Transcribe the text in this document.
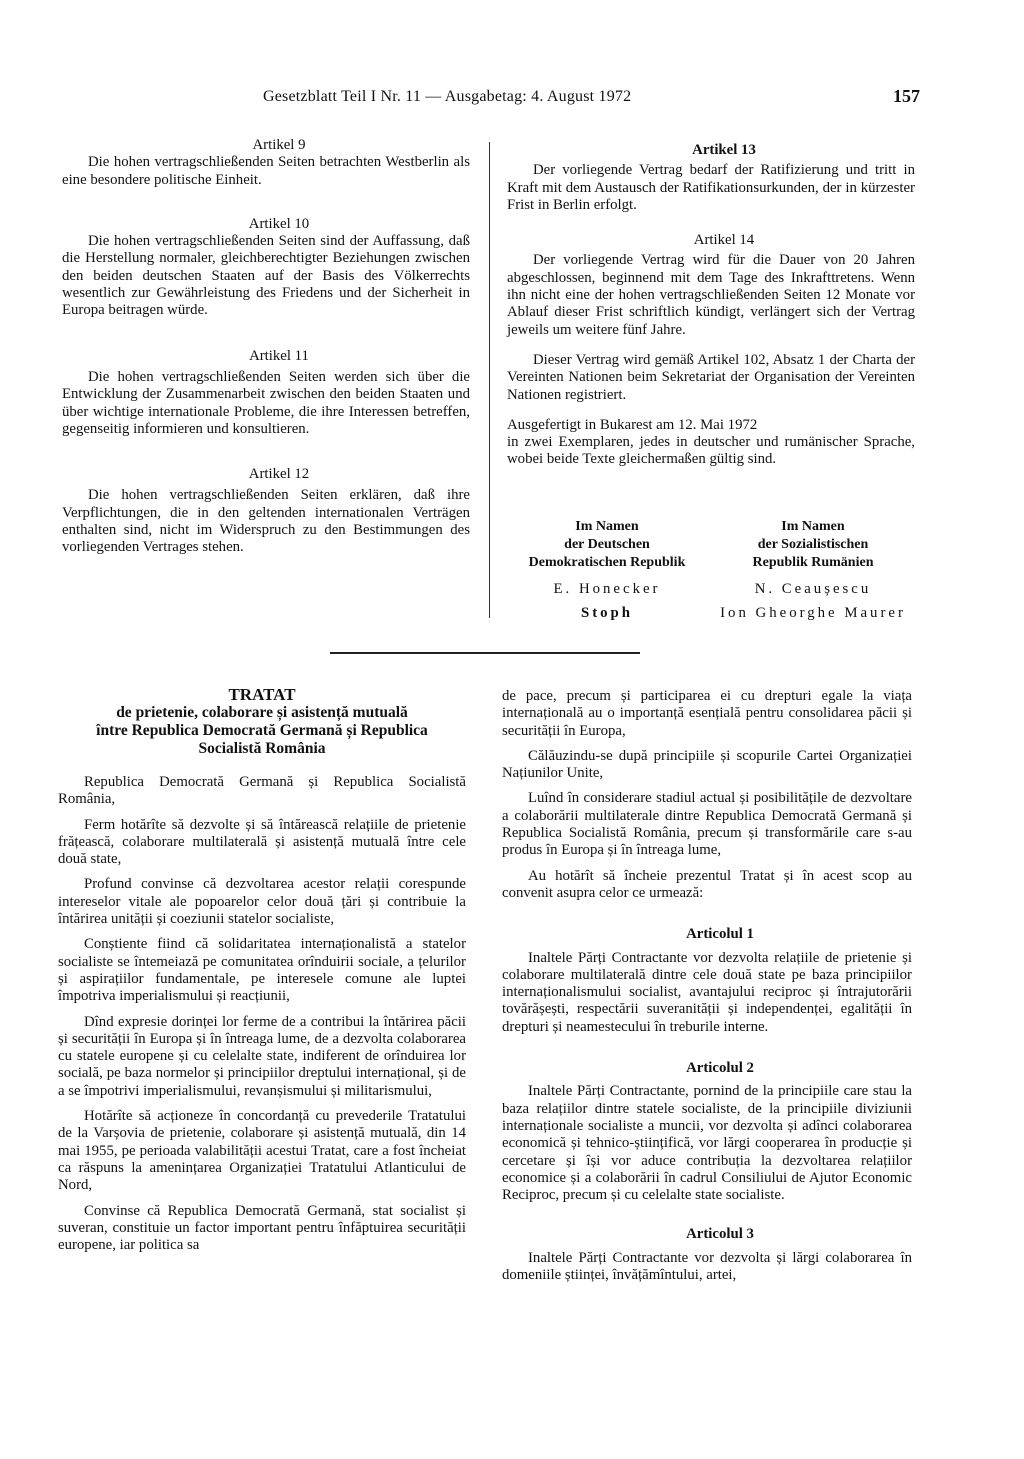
Gesetzblatt Teil I Nr. 11 — Ausgabetag: 4. August 1972	157

Artikel 9

Die hohen vertragschließenden Seiten betrachten Westberlin als eine besondere politische Einheit.

Artikel 10

Die hohen vertragschließenden Seiten sind der Auffassung, daß die Herstellung normaler, gleichberechtigter Beziehungen zwischen den beiden deutschen Staaten auf der Basis des Völkerrechts wesentlich zur Gewährleistung des Friedens und der Sicherheit in Europa beitragen würde.

Artikel 11

Die hohen vertragschließenden Seiten werden sich über die Entwicklung der Zusammenarbeit zwischen den beiden Staaten und über wichtige internationale Probleme, die ihre Interessen betreffen, gegenseitig informieren und konsultieren.

Artikel 12

Die hohen vertragschließenden Seiten erklären, daß ihre Verpflichtungen, die in den geltenden internationalen Verträgen enthalten sind, nicht im Widerspruch zu den Bestimmungen des vorliegenden Vertrages stehen.

Artikel 13

Der vorliegende Vertrag bedarf der Ratifizierung und tritt in Kraft mit dem Austausch der Ratifikationsurkunden, der in kürzester Frist in Berlin erfolgt.

Artikel 14

Der vorliegende Vertrag wird für die Dauer von 20 Jahren abgeschlossen, beginnend mit dem Tage des Inkrafttretens. Wenn ihn nicht eine der hohen vertragschließenden Seiten 12 Monate vor Ablauf dieser Frist schriftlich kündigt, verlängert sich der Vertrag jeweils um weitere fünf Jahre.

Dieser Vertrag wird gemäß Artikel 102, Absatz 1 der Charta der Vereinten Nationen beim Sekretariat der Organisation der Vereinten Nationen registriert.

Ausgefertigt in Bukarest am 12. Mai 1972

in zwei Exemplaren, jedes in deutscher und rumänischer Sprache, wobei beide Texte gleichermaßen gültig sind.

Im Namen
der Deutschen
Demokratischen Republik
E. Honecker
Stoph
Im Namen
der Sozialistischen
Republik Rumänien
N. Ceaușescu
Ion Gheorghe Maurer
TRATAT
de prietenie, colaborare și asistență mutuală
între Republica Democrată Germană și Republica
Socialistă România

Republica Democrată Germană și Republica Socialistă România,

Ferm hotărîte să dezvolte și să întărească relațiile de prietenie frățească, colaborare multilaterală și asistență mutuală între cele două state,

Profund convinse că dezvoltarea acestor relații corespunde intereselor vitale ale popoarelor celor două țări și contribuie la întărirea unității și coeziunii statelor socialiste,

Conștiente fiind că solidaritatea internaționalistă a statelor socialiste se întemeiază pe comunitatea orînduirii sociale, a țelurilor și aspirațiilor fundamentale, pe interesele comune ale luptei împotriva imperialismului și reacțiunii,

Dînd expresie dorinței lor ferme de a contribui la întărirea păcii și securității în Europa și în întreaga lume, de a dezvolta colaborarea cu statele europene și cu celelalte state, indiferent de orînduirea lor socială, pe baza normelor și principiilor dreptului internațional, și de a se împotrivi imperialismului, revanșismului și militarismului,

Hotărîte să acționeze în concordanță cu prevederile Tratatului de la Varșovia de prietenie, colaborare și asistență mutuală, din 14 mai 1955, pe perioada valabilității acestui Tratat, care a fost încheiat ca răspuns la amenințarea Organizației Tratatului Atlanticului de Nord,

Convinse că Republica Democrată Germană, stat socialist și suveran, constituie un factor important pentru înfăptuirea securității europene, iar politica sa

de pace, precum și participarea ei cu drepturi egale la viața internațională au o importanță esențială pentru consolidarea păcii și securității în Europa,

Călăuzindu-se după principiile și scopurile Cartei Organizației Națiunilor Unite,

Luînd în considerare stadiul actual și posibilitățile de dezvoltare a colaborării multilaterale dintre Republica Democrată Germană și Republica Socialistă România, precum și transformările care s-au produs în Europa și în întreaga lume,

Au hotărît să încheie prezentul Tratat și în acest scop au convenit asupra celor ce urmează:

Articolul 1

Inaltele Părți Contractante vor dezvolta relațiile de prietenie și colaborare multilaterală dintre cele două state pe baza principiilor internaționalismului socialist, avantajului reciproc și întrajutorării tovărășești, respectării suveranității și independenței, egalității în drepturi și neamestecului în treburile interne.

Articolul 2

Inaltele Părți Contractante, pornind de la principiile care stau la baza relațiilor dintre statele socialiste, de la principiile diviziunii internaționale socialiste a muncii, vor dezvolta și adînci colaborarea economică și tehnico-științifică, vor lărgi cooperarea în producție și cercetare și își vor aduce contribuția la dezvoltarea relațiilor economice și a colaborării în cadrul Consiliului de Ajutor Economic Reciproc, precum și cu celelalte state socialiste.

Articolul 3

Inaltele Părți Contractante vor dezvolta și lărgi colaborarea în domeniile științei, învățămîntului, artei,
